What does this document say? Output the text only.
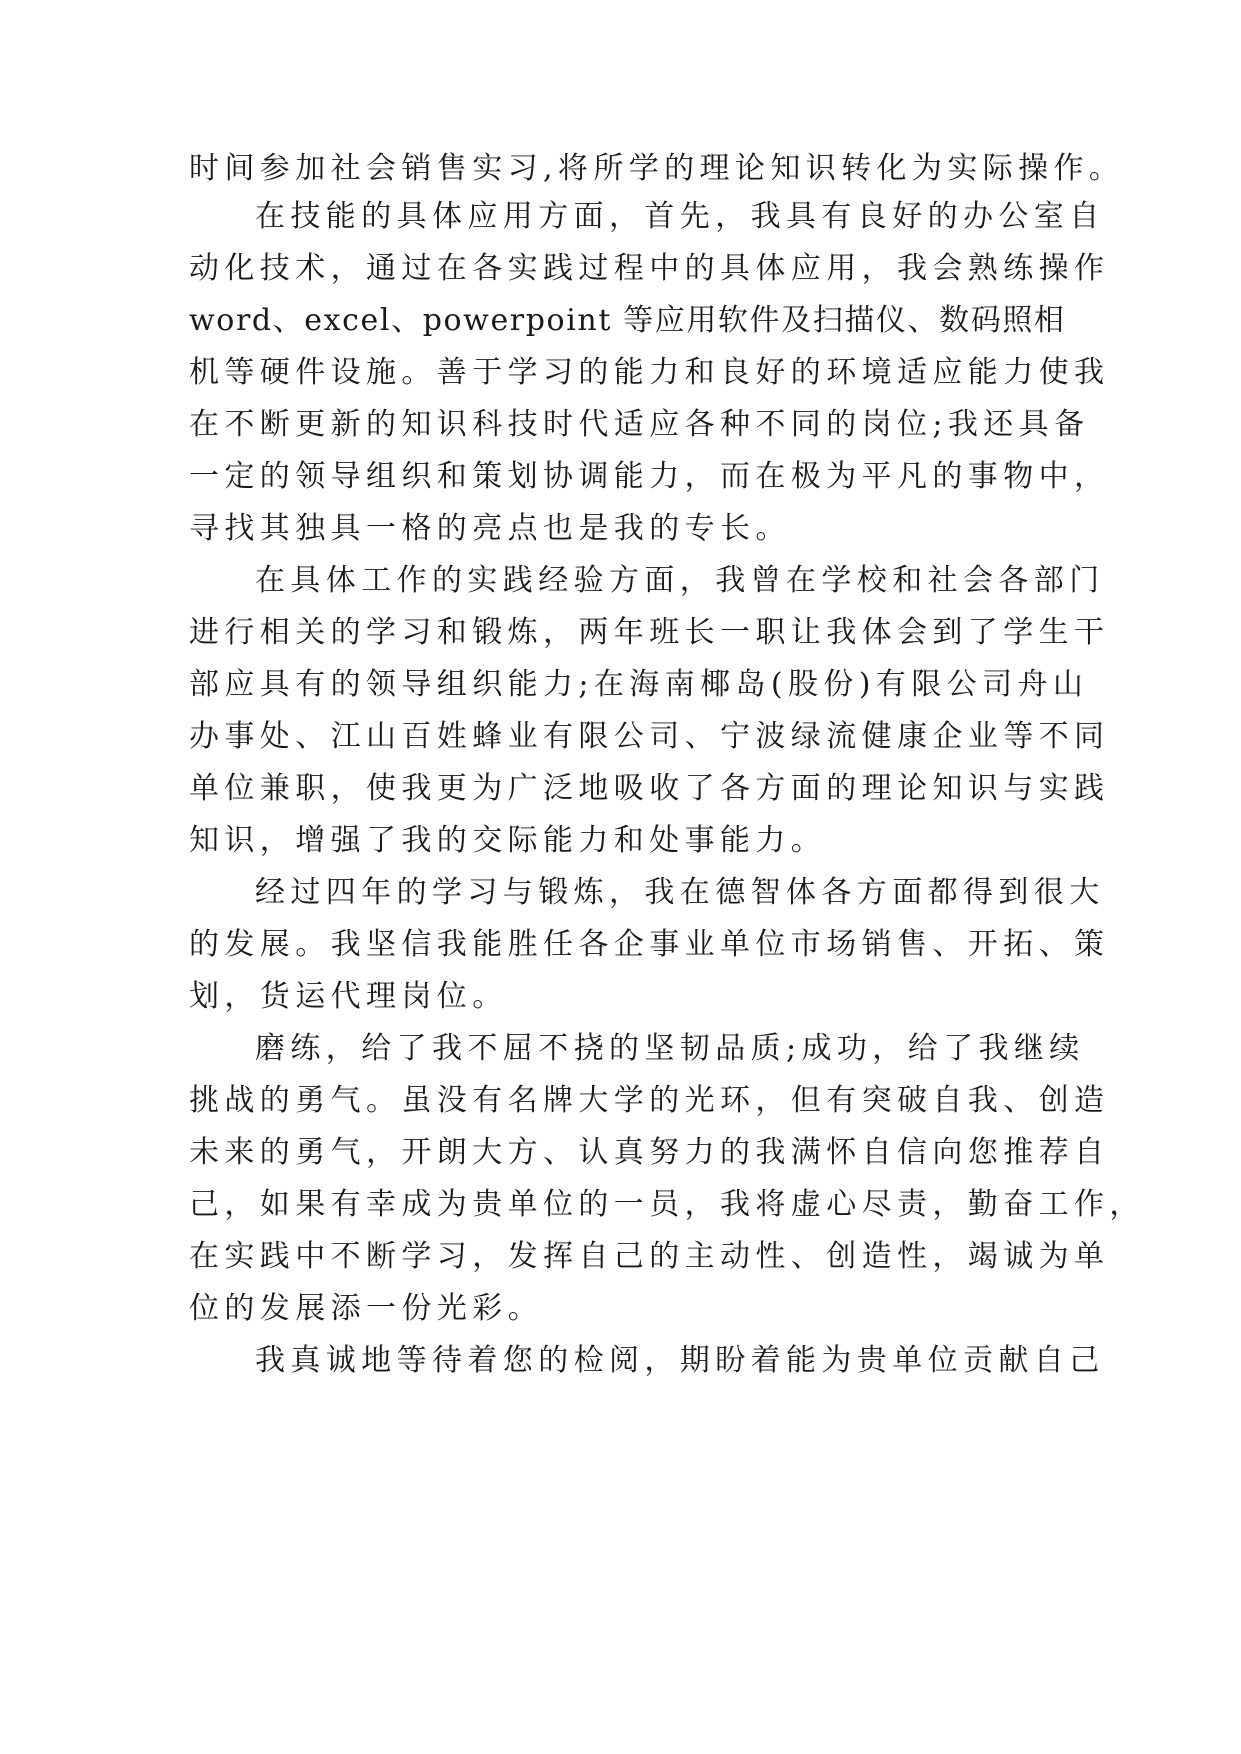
时间参加社会销售实习,将所学的理论知识转化为实际操作。
在技能的具体应用方面，首先，我具有良好的办公室自
动化技术，通过在各实践过程中的具体应用，我会熟练操作
word、excel、powerpoint 等应用软件及扫描仪、数码照相
机等硬件设施。善于学习的能力和良好的环境适应能力使我
在不断更新的知识科技时代适应各种不同的岗位;我还具备
一定的领导组织和策划协调能力，而在极为平凡的事物中，
寻找其独具一格的亮点也是我的专长。
在具体工作的实践经验方面，我曾在学校和社会各部门
进行相关的学习和锻炼，两年班长一职让我体会到了学生干
部应具有的领导组织能力;在海南椰岛(股份)有限公司舟山
办事处、江山百姓蜂业有限公司、宁波绿流健康企业等不同
单位兼职，使我更为广泛地吸收了各方面的理论知识与实践
知识，增强了我的交际能力和处事能力。
经过四年的学习与锻炼，我在德智体各方面都得到很大
的发展。我坚信我能胜任各企事业单位市场销售、开拓、策
划，货运代理岗位。
磨练，给了我不屈不挠的坚韧品质;成功，给了我继续
挑战的勇气。虽没有名牌大学的光环，但有突破自我、创造
未来的勇气，开朗大方、认真努力的我满怀自信向您推荐自
己，如果有幸成为贵单位的一员，我将虚心尽责，勤奋工作，
在实践中不断学习，发挥自己的主动性、创造性，竭诚为单
位的发展添一份光彩。
我真诚地等待着您的检阅，期盼着能为贵单位贡献自己
